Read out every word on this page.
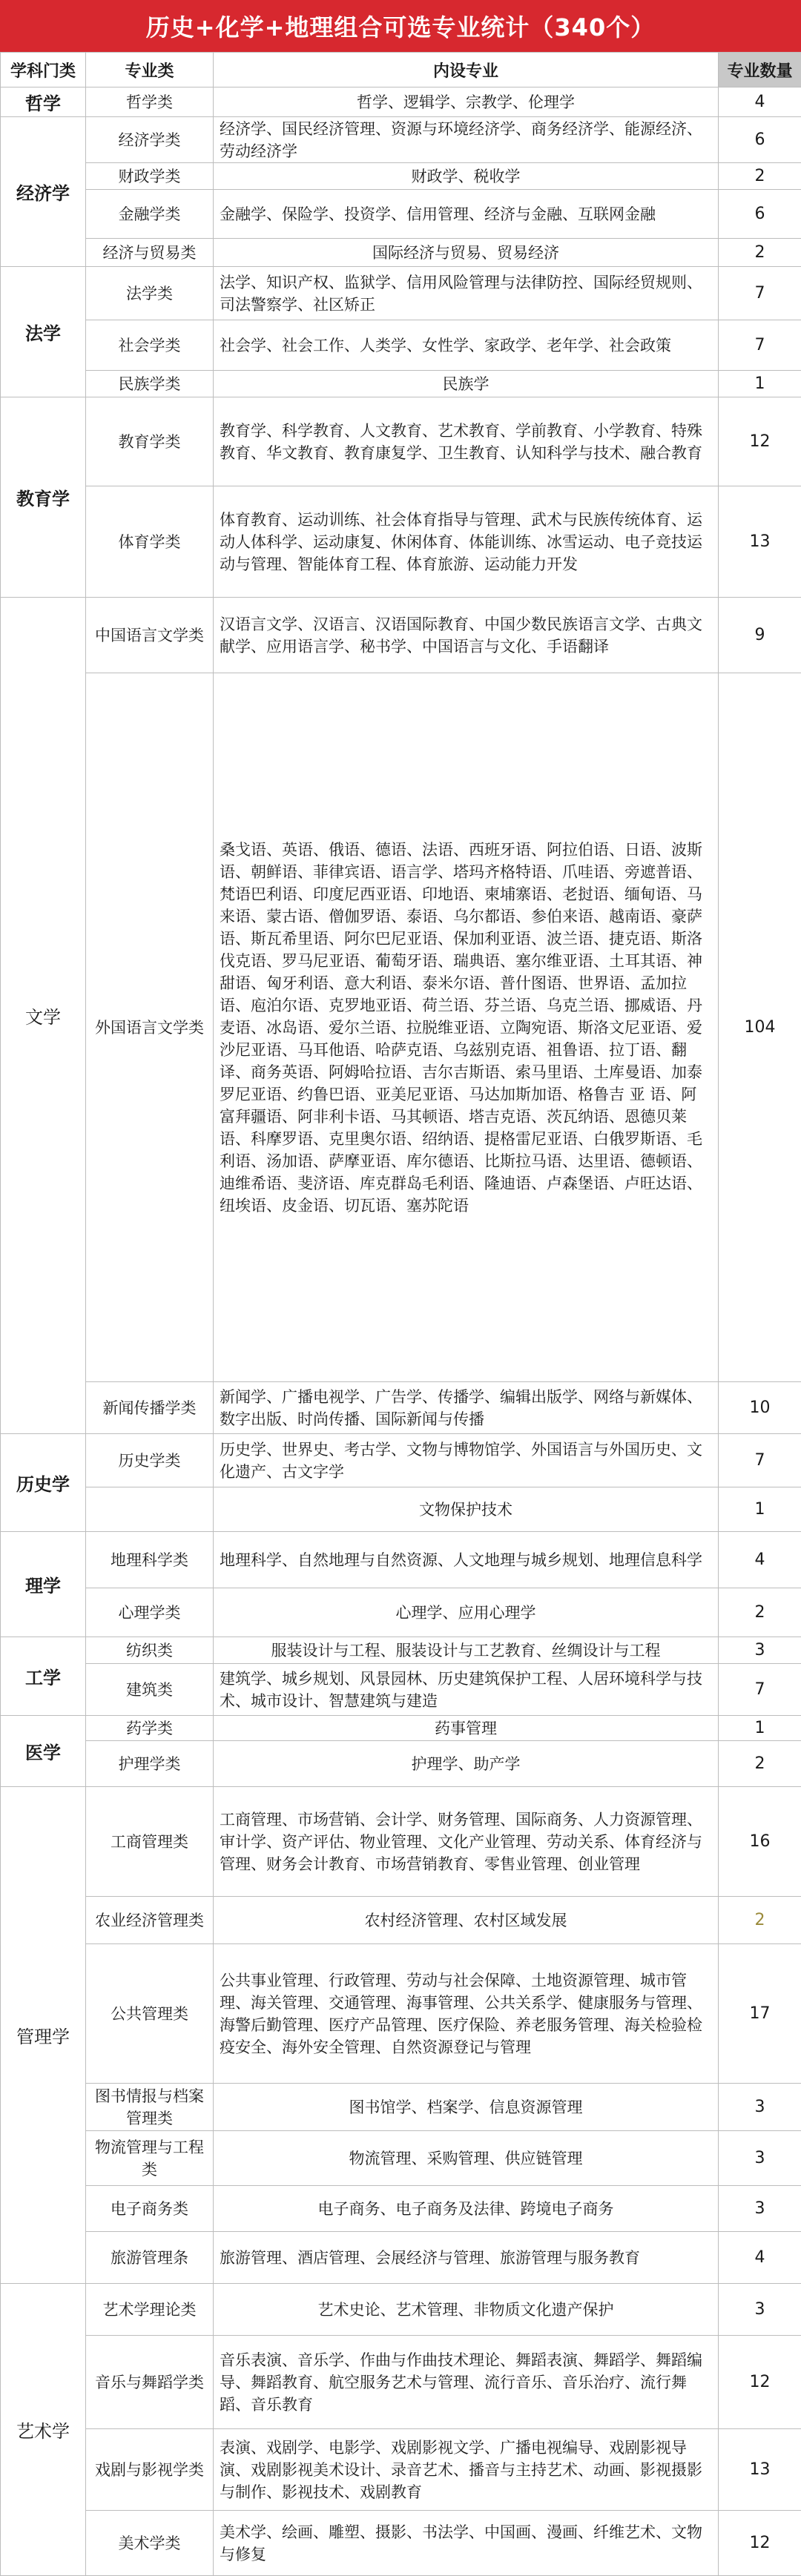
历史+化学+地理组合可选专业统计（340个）
学科门类	专业类	内设专业	专业数量
哲学	哲学类	哲学、逻辑学、宗教学、伦理学	4
经济学	经济学类	经济学、国民经济管理、资源与环境经济学、商务经济学、能源经济、劳动经济学	6
	财政学类	财政学、税收学	2
	金融学类	金融学、保险学、投资学、信用管理、经济与金融、互联网金融	6
	经济与贸易类	国际经济与贸易、贸易经济	2
法学	法学类	法学、知识产权、监狱学、信用风险管理与法律防控、国际经贸规则、司法警察学、社区矫正	7
	社会学类	社会学、社会工作、人类学、女性学、家政学、老年学、社会政策	7
	民族学类	民族学	1
教育学	教育学类	教育学、科学教育、人文教育、艺术教育、学前教育、小学教育、特殊教育、华文教育、教育康复学、卫生教育、认知科学与技术、融合教育	12
	体育学类	体育教育、运动训练、社会体育指导与管理、武术与民族传统体育、运动人体科学、运动康复、休闲体育、体能训练、冰雪运动、电子竞技运动与管理、智能体育工程、体育旅游、运动能力开发	13
文学	中国语言文学类	汉语言文学、汉语言、汉语国际教育、中国少数民族语言文学、古典文献学、应用语言学、秘书学、中国语言与文化、手语翻译	9
	外国语言文学类	桑戈语、英语、俄语、德语、法语、西班牙语、阿拉伯语、日语、波斯语、朝鲜语、菲律宾语、语言学、塔玛齐格特语、爪哇语、旁遮普语、梵语巴利语、印度尼西亚语、印地语、柬埔寨语、老挝语、缅甸语、马来语、蒙古语、僧伽罗语、泰语、乌尔都语、参伯来语、越南语、豪萨语、斯瓦希里语、阿尔巴尼亚语、保加利亚语、波兰语、捷克语、斯洛伐克语、罗马尼亚语、葡萄牙语、瑞典语、塞尔维亚语、土耳其语、神甜语、匈牙利语、意大利语、泰米尔语、普什图语、世界语、孟加拉语、庖泊尔语、克罗地亚语、荷兰语、芬兰语、乌克兰语、挪威语、丹麦语、冰岛语、爱尔兰语、拉脱维亚语、立陶宛语、斯洛文尼亚语、爱沙尼亚语、马耳他语、哈萨克语、乌兹别克语、祖鲁语、拉丁语、翻译、商务英语、阿姆哈拉语、吉尔吉斯语、索马里语、土库曼语、加泰罗尼亚语、约鲁巴语、亚美尼亚语、马达加斯加语、格鲁吉 亚 语、阿富拜疆语、阿非利卡语、马其顿语、塔吉克语、茨瓦纳语、恩德贝莱语、科摩罗语、克里奥尔语、绍纳语、提格雷尼亚语、白俄罗斯语、毛利语、汤加语、萨摩亚语、库尔德语、比斯拉马语、达里语、德顿语、迪维希语、斐济语、库克群岛毛利语、隆迪语、卢森堡语、卢旺达语、纽埃语、皮金语、切瓦语、塞苏陀语	104
	新闻传播学类	新闻学、广播电视学、广告学、传播学、编辑出版学、网络与新媒体、数字出版、时尚传播、国际新闻与传播	10
历史学	历史学类	历史学、世界史、考古学、文物与博物馆学、外国语言与外国历史、文化遗产、古文字学	7
		文物保护技术	1
理学	地理科学类	地理科学、自然地理与自然资源、人文地理与城乡规划、地理信息科学	4
	心理学类	心理学、应用心理学	2
工学	纺织类	服装设计与工程、服装设计与工艺教育、丝绸设计与工程	3
	建筑类	建筑学、城乡规划、风景园林、历史建筑保护工程、人居环境科学与技术、城市设计、智慧建筑与建造	7
医学	药学类	药事管理	1
	护理学类	护理学、助产学	2
管理学	工商管理类	工商管理、市场营销、会计学、财务管理、国际商务、人力资源管理、审计学、资产评估、物业管理、文化产业管理、劳动关系、体育经济与管理、财务会计教育、市场营销教育、零售业管理、创业管理	16
	农业经济管理类	农村经济管理、农村区域发展	2
	公共管理类	公共事业管理、行政管理、劳动与社会保障、土地资源管理、城市管理、海关管理、交通管理、海事管理、公共关系学、健康服务与管理、海警后勤管理、医疗产品管理、医疗保险、养老服务管理、海关检验检疫安全、海外安全管理、自然资源登记与管理	17
	图书情报与档案管理类	图书馆学、档案学、信息资源管理	3
	物流管理与工程类	物流管理、采购管理、供应链管理	3
	电子商务类	电子商务、电子商务及法律、跨境电子商务	3
	旅游管理条	旅游管理、酒店管理、会展经济与管理、旅游管理与服务教育	4
艺术学	艺术学理论类	艺术史论、艺术管理、非物质文化遗产保护	3
	音乐与舞蹈学类	音乐表演、音乐学、作曲与作曲技术理论、舞蹈表演、舞蹈学、舞蹈编导、舞蹈教育、航空服务艺术与管理、流行音乐、音乐治疗、流行舞蹈、音乐教育	12
	戏剧与影视学类	表演、戏剧学、电影学、戏剧影视文学、广播电视编导、戏剧影视导演、戏剧影视美术设计、录音艺术、播音与主持艺术、动画、影视摄影与制作、影视技术、戏剧教育	13
	美术学类	美术学、绘画、雕塑、摄影、书法学、中国画、漫画、纤维艺术、文物与修复	12
